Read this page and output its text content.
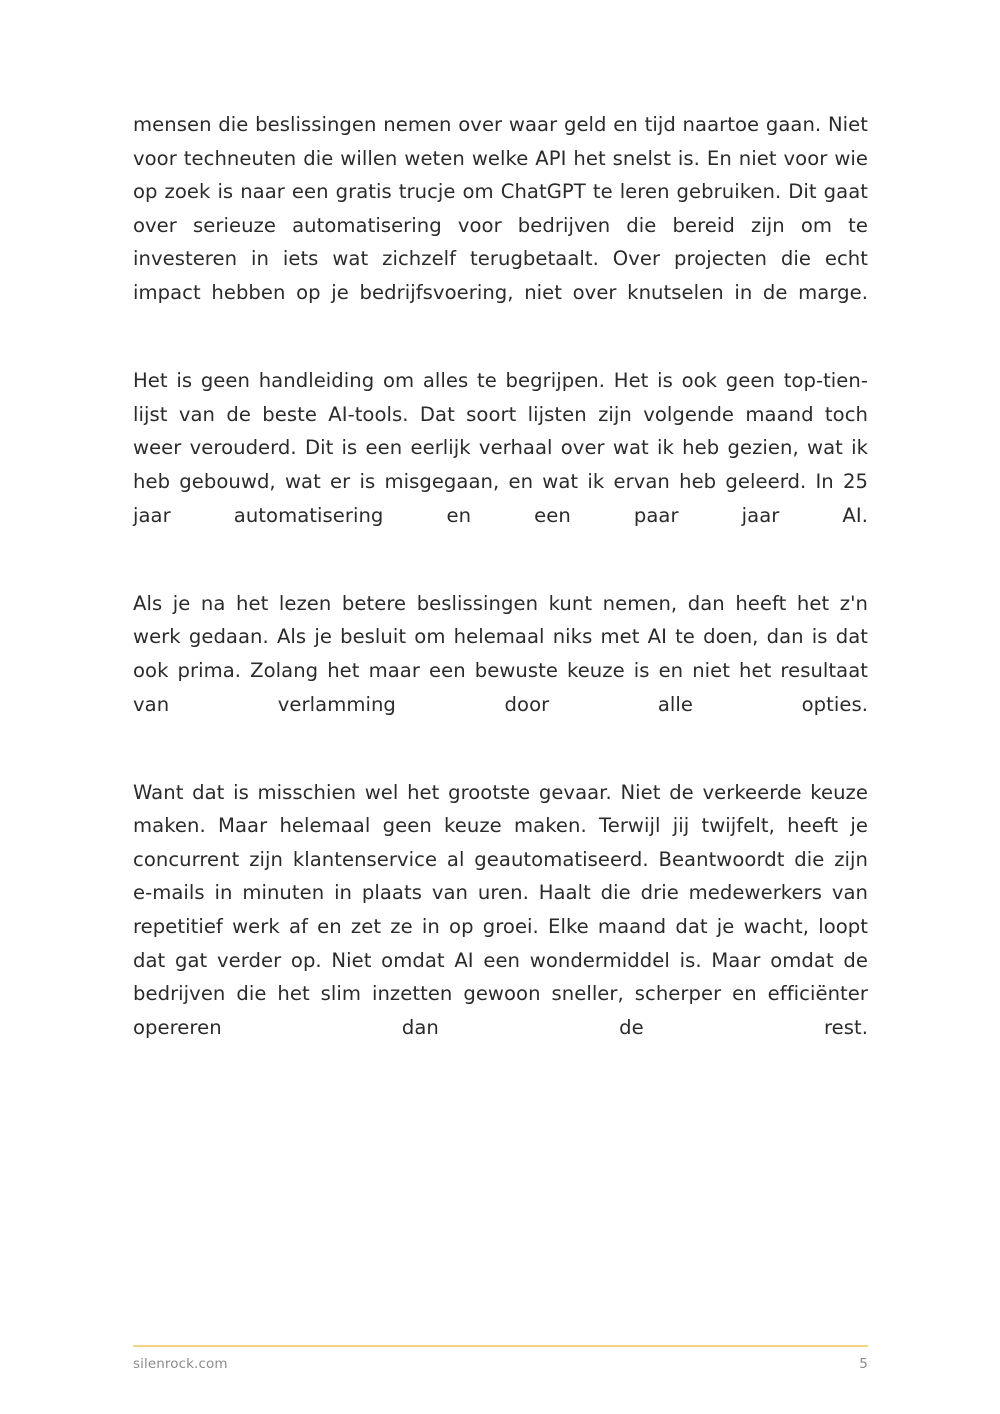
mensen die beslissingen nemen over waar geld en tijd naartoe gaan. Niet voor techneuten die willen weten welke API het snelst is. En niet voor wie op zoek is naar een gratis trucje om ChatGPT te leren gebruiken. Dit gaat over serieuze automatisering voor bedrijven die bereid zijn om te investeren in iets wat zichzelf terugbetaalt. Over projecten die echt impact hebben op je bedrijfsvoering, niet over knutselen in de marge.

Het is geen handleiding om alles te begrijpen. Het is ook geen top-tien-lijst van de beste AI-tools. Dat soort lijsten zijn volgende maand toch weer verouderd. Dit is een eerlijk verhaal over wat ik heb gezien, wat ik heb gebouwd, wat er is misgegaan, en wat ik ervan heb geleerd. In 25 jaar automatisering en een paar jaar AI.

Als je na het lezen betere beslissingen kunt nemen, dan heeft het z'n werk gedaan. Als je besluit om helemaal niks met AI te doen, dan is dat ook prima. Zolang het maar een bewuste keuze is en niet het resultaat van verlamming door alle opties.

Want dat is misschien wel het grootste gevaar. Niet de verkeerde keuze maken. Maar helemaal geen keuze maken. Terwijl jij twijfelt, heeft je concurrent zijn klantenservice al geautomatiseerd. Beantwoordt die zijn e-mails in minuten in plaats van uren. Haalt die drie medewerkers van repetitief werk af en zet ze in op groei. Elke maand dat je wacht, loopt dat gat verder op. Niet omdat AI een wondermiddel is. Maar omdat de bedrijven die het slim inzetten gewoon sneller, scherper en efficiënter opereren dan de rest.

silenrock.com	5
